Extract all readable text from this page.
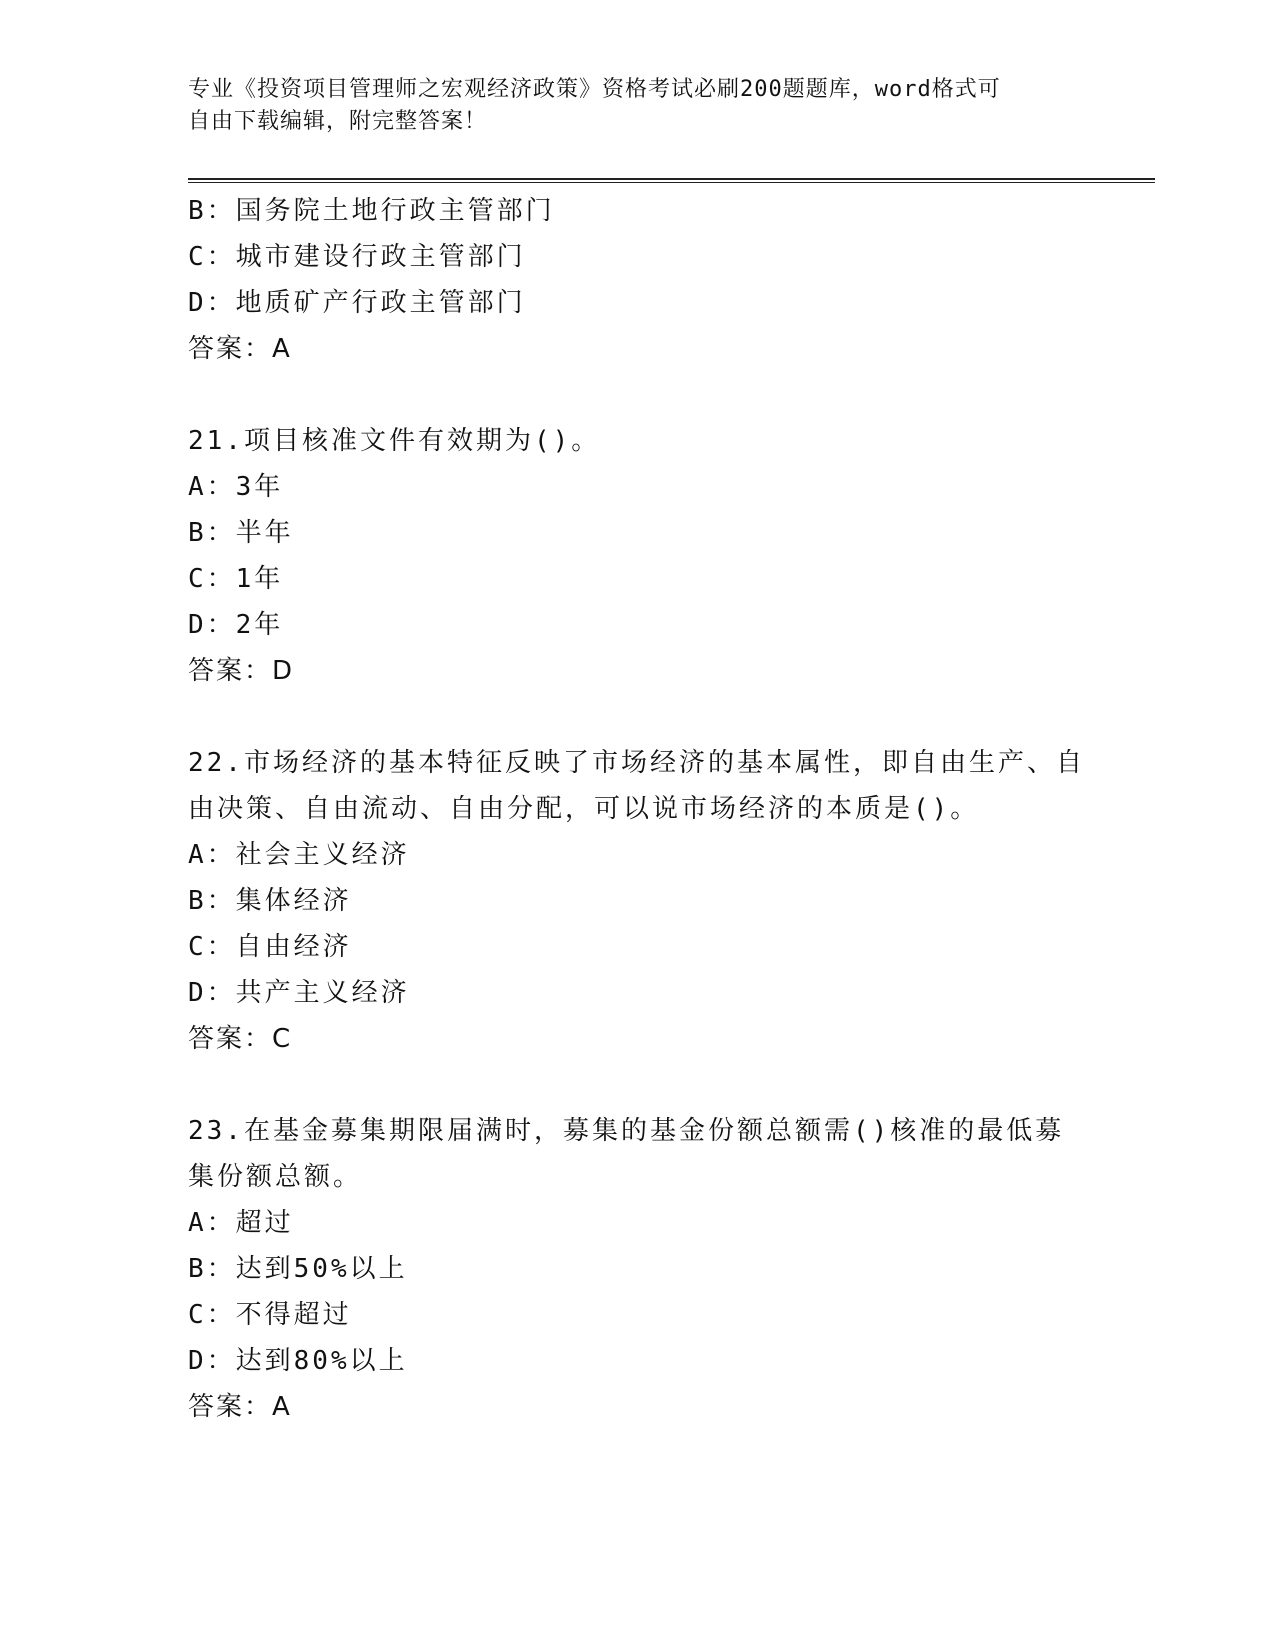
专业《投资项目管理师之宏观经济政策》资格考试必刷200题题库，word格式可
自由下载编辑，附完整答案！
B：国务院土地行政主管部门
C：城市建设行政主管部门
D：地质矿产行政主管部门
答案：A
21.项目核准文件有效期为()。
A：3年
B：半年
C：1年
D：2年
答案：D
22.市场经济的基本特征反映了市场经济的基本属性，即自由生产、自由决策、自由流动、自由分配，可以说市场经济的本质是()。
A：社会主义经济
B：集体经济
C：自由经济
D：共产主义经济
答案：C
23.在基金募集期限届满时，募集的基金份额总额需()核准的最低募集份额总额。
A：超过
B：达到50%以上
C：不得超过
D：达到80%以上
答案：A
